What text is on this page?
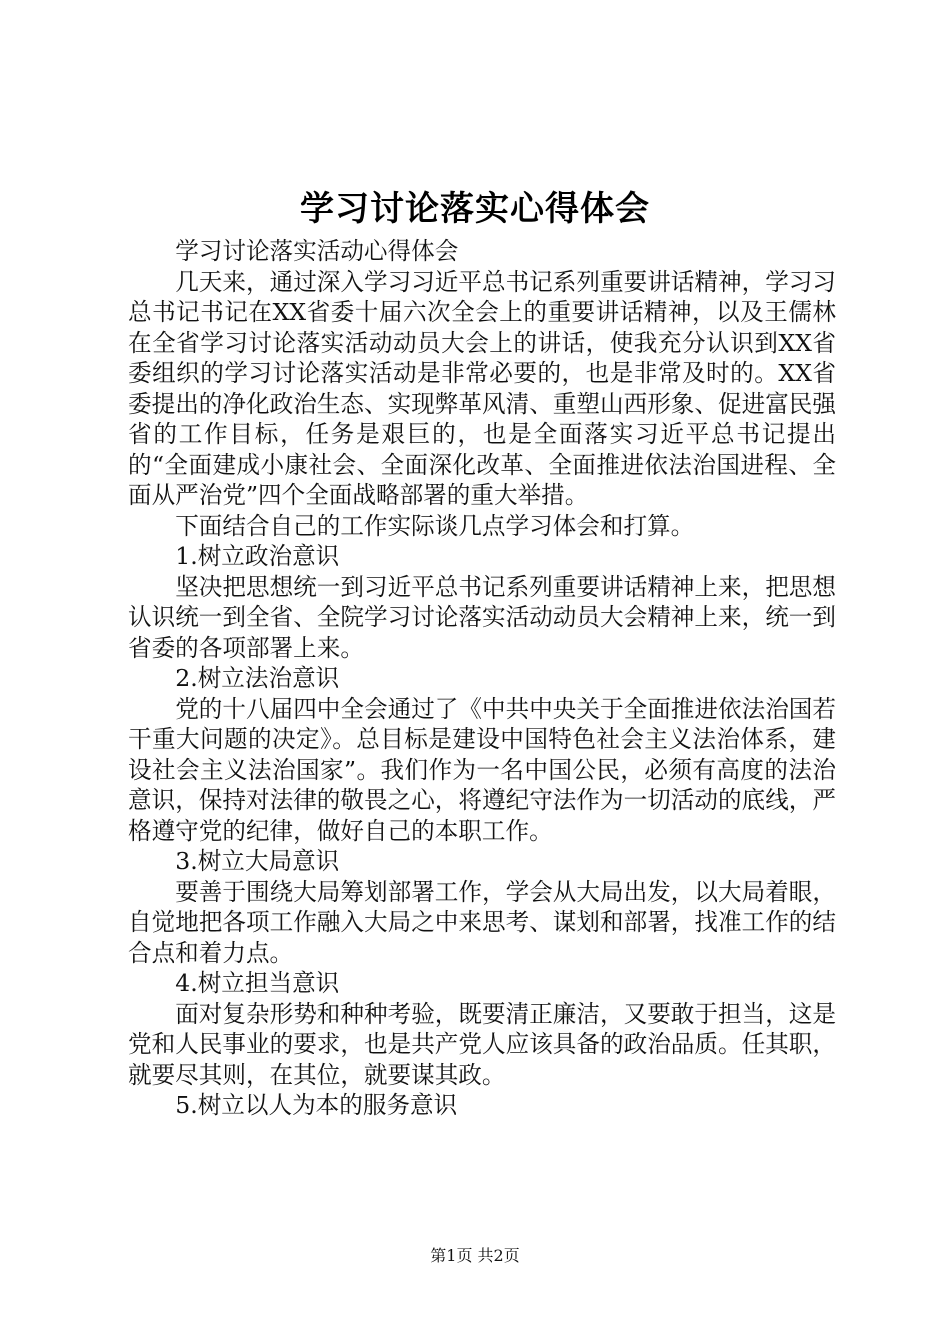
学习讨论落实心得体会

学习讨论落实活动心得体会

几天来，通过深入学习习近平总书记系列重要讲话精神，学习习总书记书记在XX省委十届六次全会上的重要讲话精神，以及王儒林在全省学习讨论落实活动动员大会上的讲话，使我充分认识到XX省委组织的学习讨论落实活动是非常必要的，也是非常及时的。XX省委提出的净化政治生态、实现弊革风清、重塑山西形象、促进富民强省的工作目标，任务是艰巨的，也是全面落实习近平总书记提出的“全面建成小康社会、全面深化改革、全面推进依法治国进程、全面从严治党”四个全面战略部署的重大举措。

下面结合自己的工作实际谈几点学习体会和打算。

1.树立政治意识

坚决把思想统一到习近平总书记系列重要讲话精神上来，把思想认识统一到全省、全院学习讨论落实活动动员大会精神上来，统一到省委的各项部署上来。

2.树立法治意识

党的十八届四中全会通过了《中共中央关于全面推进依法治国若干重大问题的决定》。总目标是建设中国特色社会主义法治体系，建设社会主义法治国家”。我们作为一名中国公民，必须有高度的法治意识，保持对法律的敬畏之心，将遵纪守法作为一切活动的底线，严格遵守党的纪律，做好自己的本职工作。

3.树立大局意识

要善于围绕大局筹划部署工作，学会从大局出发，以大局着眼，自觉地把各项工作融入大局之中来思考、谋划和部署，找准工作的结合点和着力点。

4.树立担当意识

面对复杂形势和种种考验，既要清正廉洁，又要敢于担当，这是党和人民事业的要求，也是共产党人应该具备的政治品质。任其职，就要尽其则，在其位，就要谋其政。

5.树立以人为本的服务意识

第1页 共2页
